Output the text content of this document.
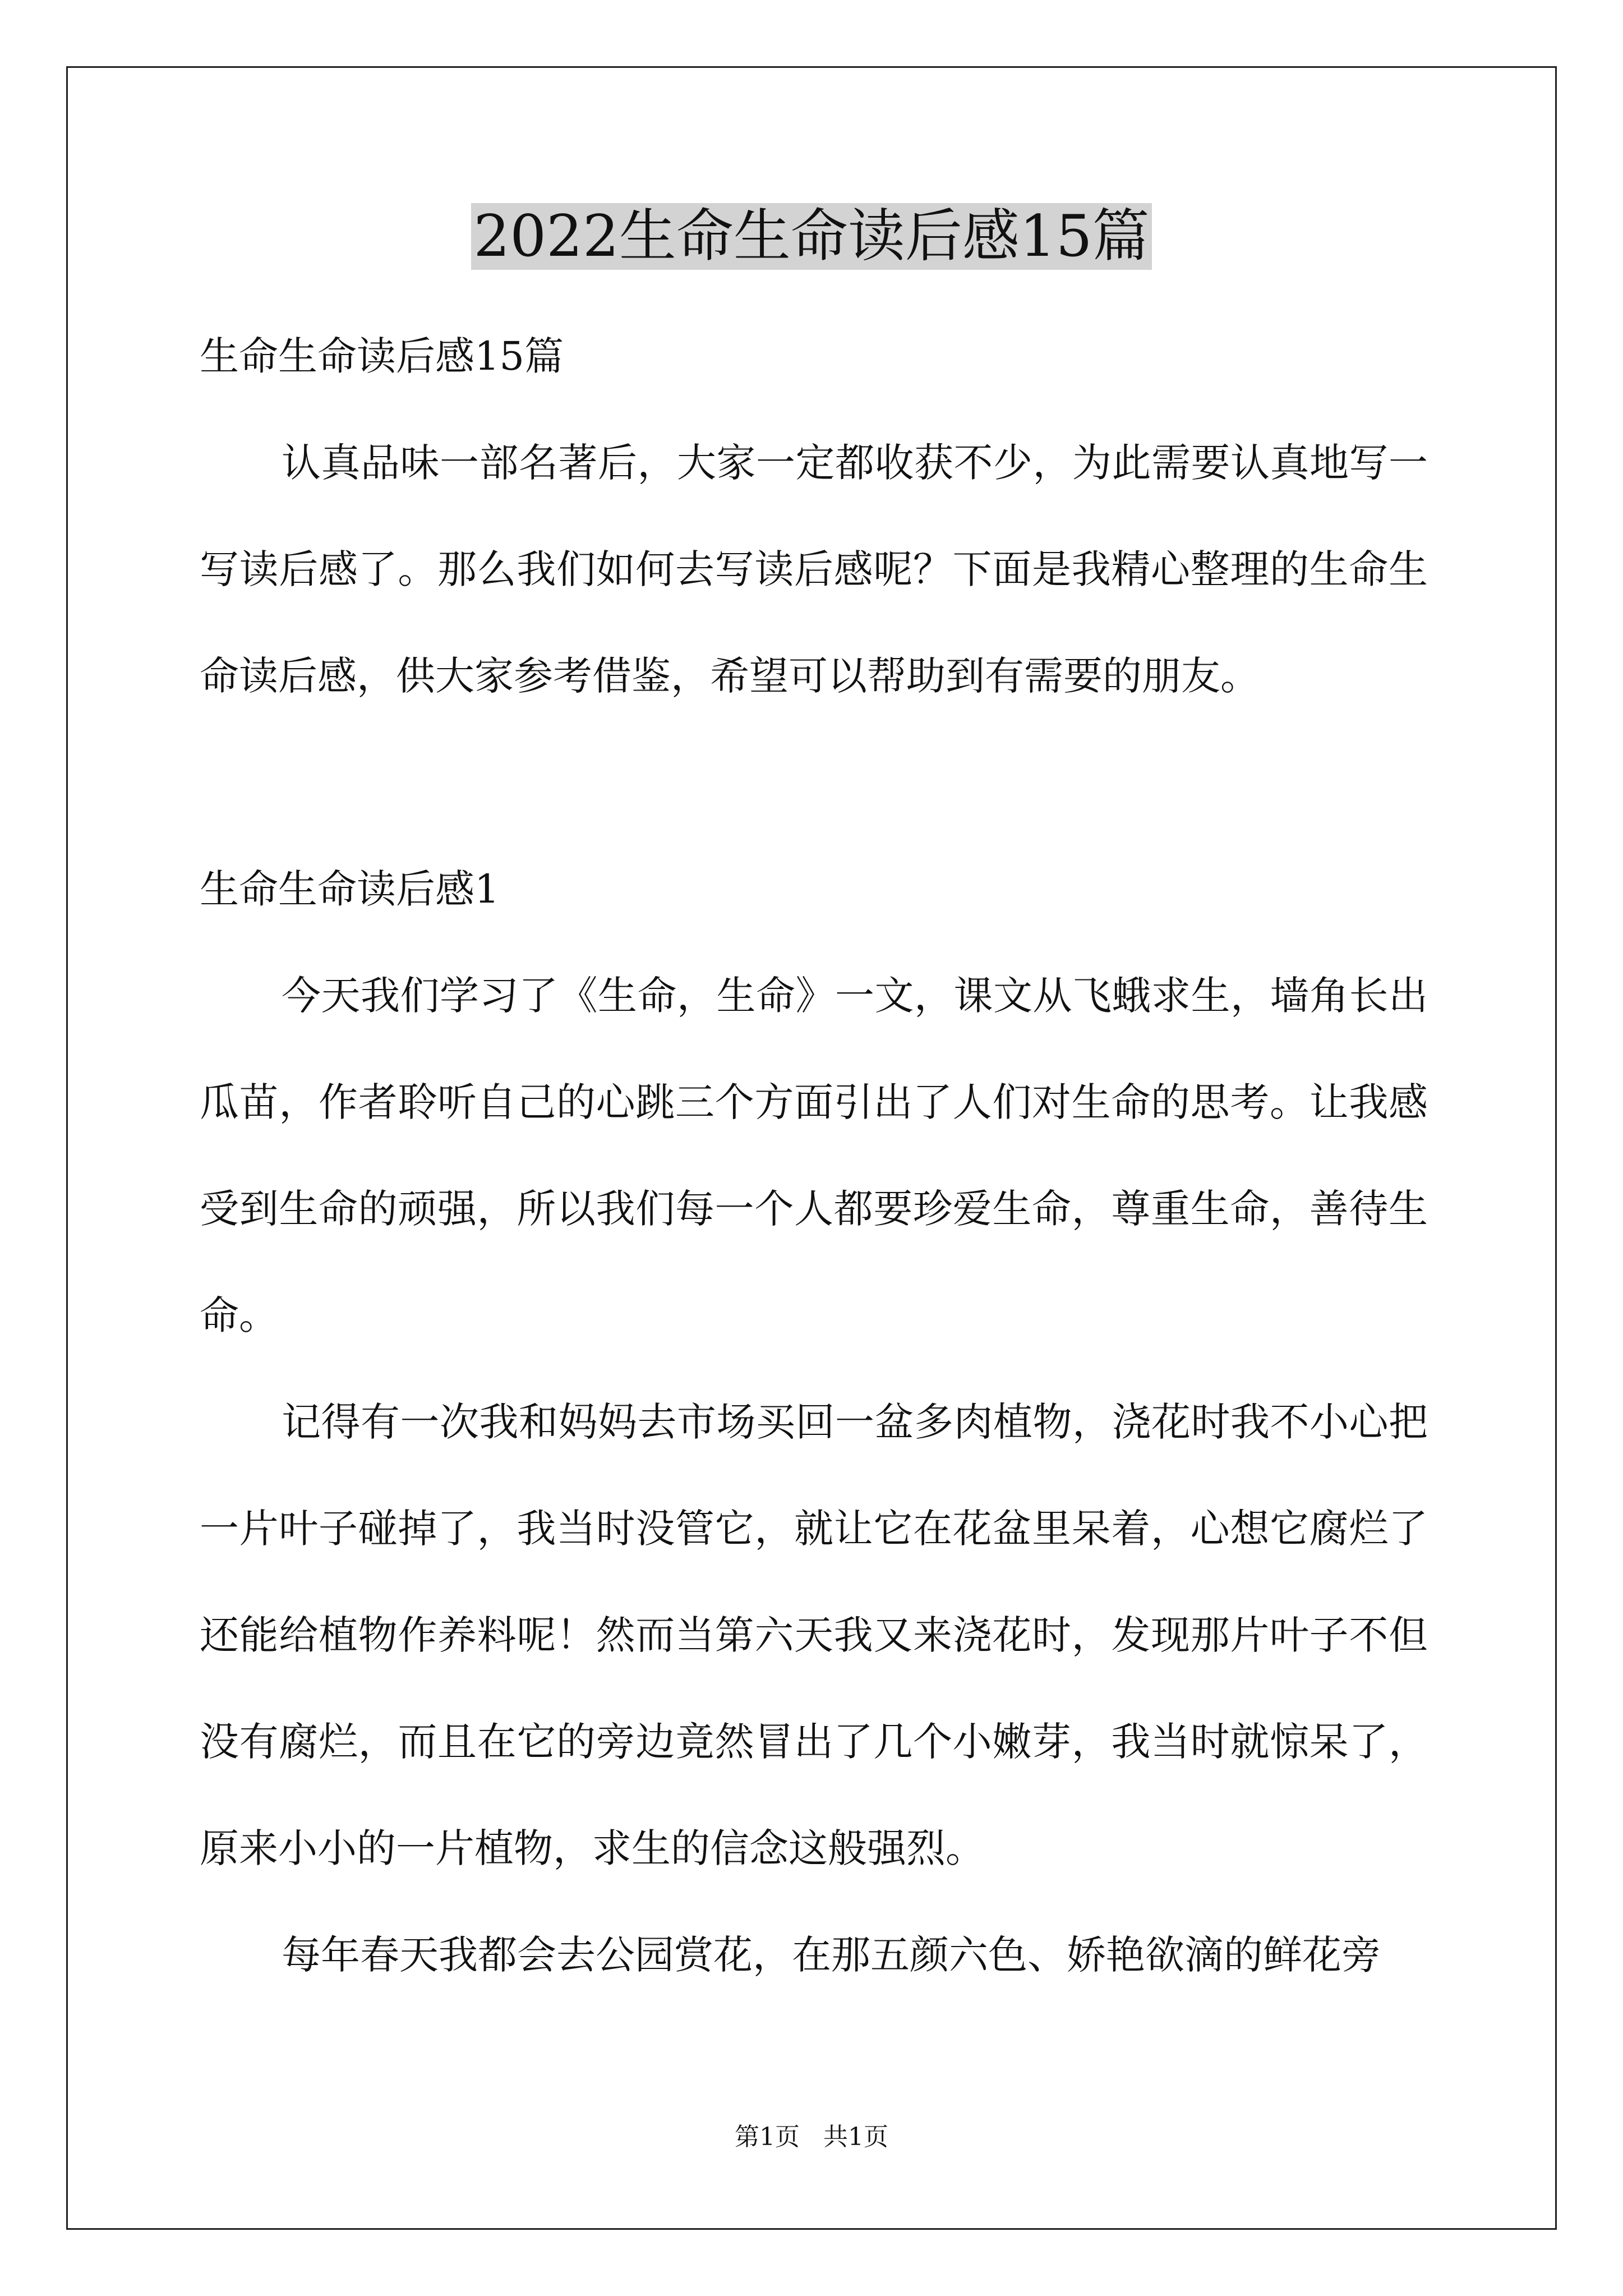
2022生命生命读后感15篇

生命生命读后感15篇

认真品味一部名著后，大家一定都收获不少，为此需要认真地写一写读后感了。那么我们如何去写读后感呢？下面是我精心整理的生命生命读后感，供大家参考借鉴，希望可以帮助到有需要的朋友。

生命生命读后感1

今天我们学习了《生命，生命》一文，课文从飞蛾求生，墙角长出瓜苗，作者聆听自己的心跳三个方面引出了人们对生命的思考。让我感受到生命的顽强，所以我们每一个人都要珍爱生命，尊重生命，善待生命。

记得有一次我和妈妈去市场买回一盆多肉植物，浇花时我不小心把一片叶子碰掉了，我当时没管它，就让它在花盆里呆着，心想它腐烂了还能给植物作养料呢！然而当第六天我又来浇花时，发现那片叶子不但没有腐烂，而且在它的旁边竟然冒出了几个小嫩芽，我当时就惊呆了，原来小小的一片植物，求生的信念这般强烈。

每年春天我都会去公园赏花，在那五颜六色、娇艳欲滴的鲜花旁

第1页   共1页
